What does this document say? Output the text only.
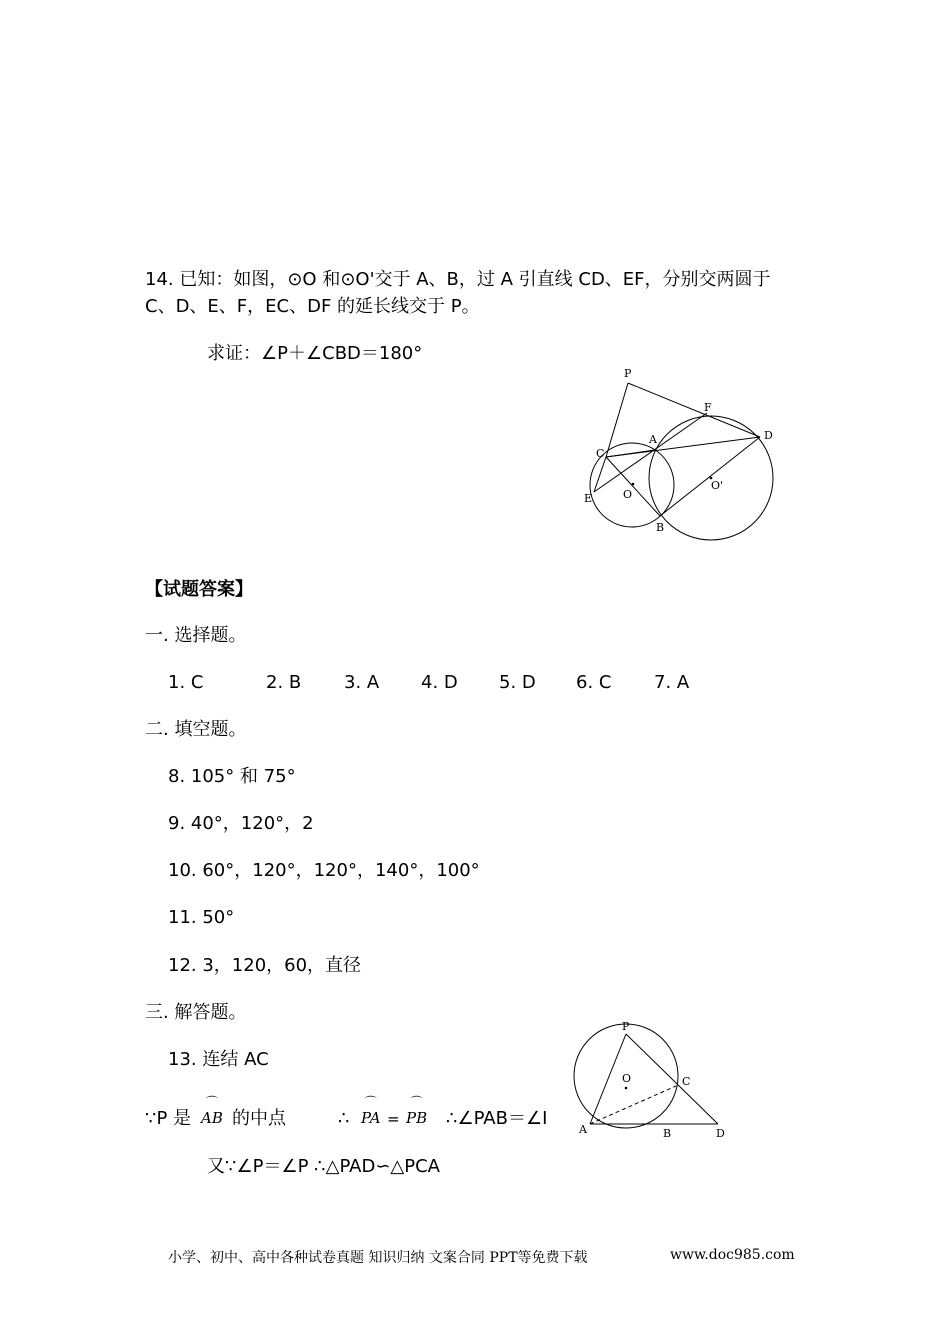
14. 已知：如图，⊙O 和⊙O'交于 A、B，过 A 引直线 CD、EF，分别交两圆于
C、D、E、F，EC、DF 的延长线交于 P。
求证：∠P＋∠CBD＝180°
P
F
A	D
C
E	O
O'
B
【试题答案】
一. 选择题。
1. C	2. B 3. A 4. D 5. D 6. C 7. A
二. 填空题。
8. 105° 和 75°
9. 40°，120°，2
10. 60°，120°，120°，140°，100°
11. 50°
12. 3，120，60，直径
三. 解答题。
13. 连结 AC
∵P 是
⌒
AB 的中点	∴
⌒
PA =
⌒
PB ∴∠PAB＝∠I
又∵∠P＝∠P ∴△PAD∽△PCA
P
O	C
A	B	D
小学、初中、高中各种试卷真题 知识归纳 文案合同 PPT等免费下载	www.doc985.com
